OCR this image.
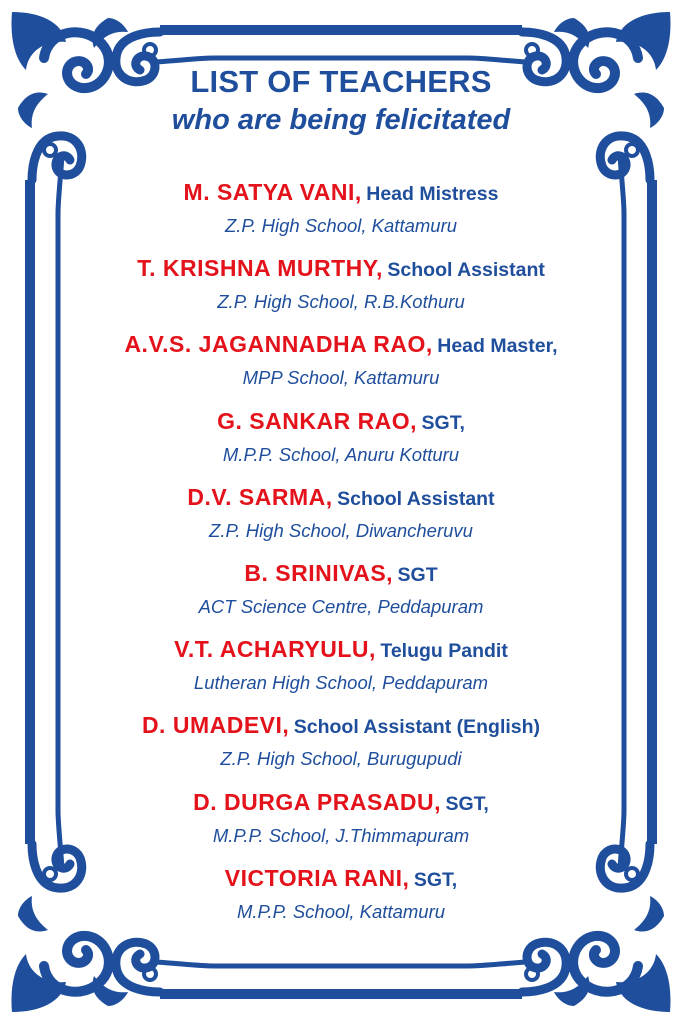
LIST OF TEACHERS
who are being felicitated
M. SATYA VANI, Head Mistress
Z.P. High School, Kattamuru
T. KRISHNA MURTHY, School Assistant
Z.P. High School, R.B.Kothuru
A.V.S. JAGANNADHA RAO, Head Master,
MPP School, Kattamuru
G. SANKAR RAO, SGT,
M.P.P. School, Anuru Kotturu
D.V. SARMA, School Assistant
Z.P. High School, Diwancheruvu
B. SRINIVAS, SGT
ACT Science Centre, Peddapuram
V.T. ACHARYULU, Telugu Pandit
Lutheran High School, Peddapuram
D. UMADEVI, School Assistant (English)
Z.P. High School, Burugupudi
D. DURGA PRASADU, SGT,
M.P.P. School, J.Thimmapuram
VICTORIA RANI, SGT,
M.P.P. School, Kattamuru
